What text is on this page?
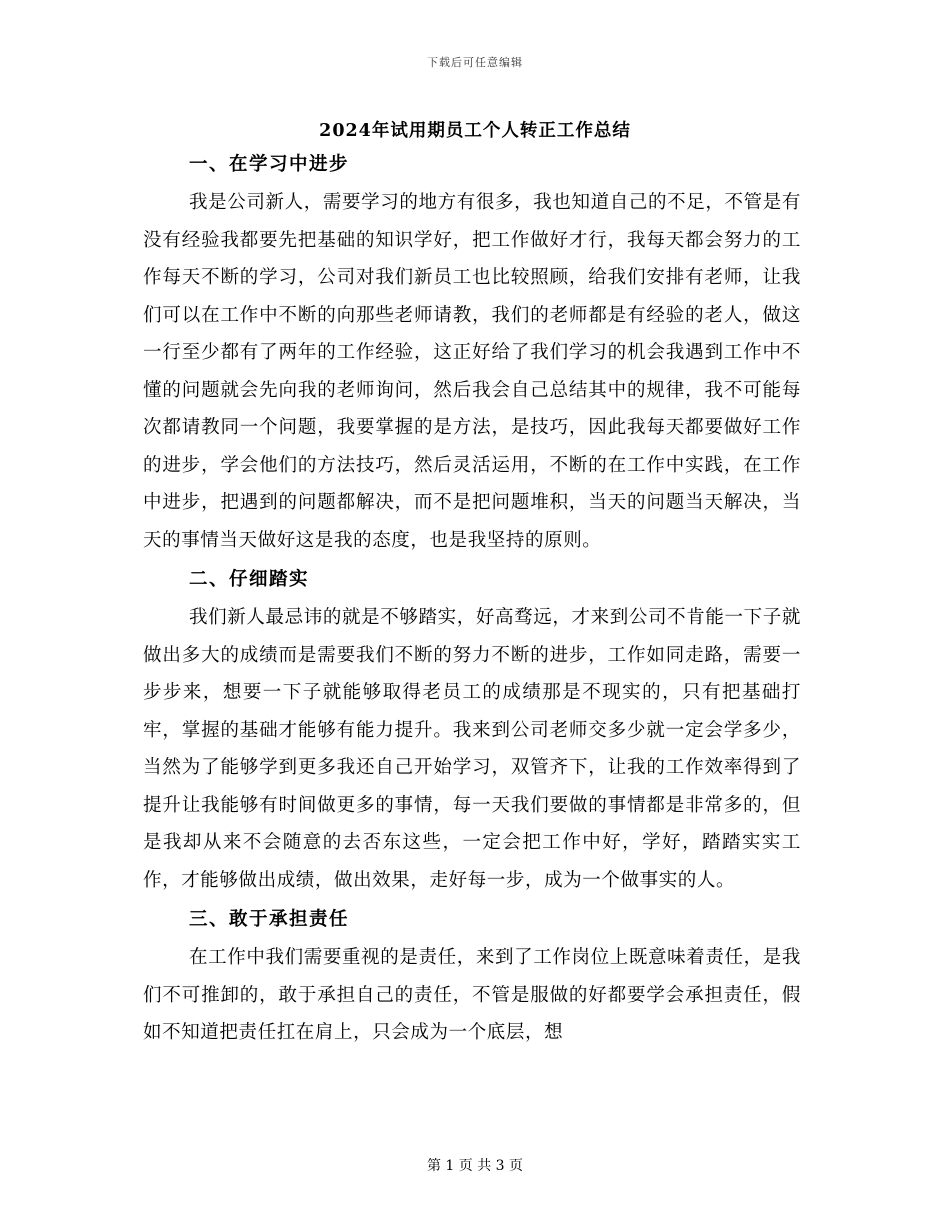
下载后可任意编辑
2024年试用期员工个人转正工作总结

一、在学习中进步

我是公司新人，需要学习的地方有很多，我也知道自己的不足，不管是有没有经验我都要先把基础的知识学好，把工作做好才行，我每天都会努力的工作每天不断的学习，公司对我们新员工也比较照顾，给我们安排有老师，让我们可以在工作中不断的向那些老师请教，我们的老师都是有经验的老人，做这一行至少都有了两年的工作经验，这正好给了我们学习的机会我遇到工作中不懂的问题就会先向我的老师询问，然后我会自己总结其中的规律，我不可能每次都请教同一个问题，我要掌握的是方法，是技巧，因此我每天都要做好工作的进步，学会他们的方法技巧，然后灵活运用，不断的在工作中实践，在工作中进步，把遇到的问题都解决，而不是把问题堆积，当天的问题当天解决，当天的事情当天做好这是我的态度，也是我坚持的原则。

二、仔细踏实

我们新人最忌讳的就是不够踏实，好高骛远，才来到公司不肯能一下子就做出多大的成绩而是需要我们不断的努力不断的进步，工作如同走路，需要一步步来，想要一下子就能够取得老员工的成绩那是不现实的，只有把基础打牢，掌握的基础才能够有能力提升。我来到公司老师交多少就一定会学多少，当然为了能够学到更多我还自己开始学习，双管齐下，让我的工作效率得到了提升让我能够有时间做更多的事情，每一天我们要做的事情都是非常多的，但是我却从来不会随意的去否东这些，一定会把工作中好，学好，踏踏实实工作，才能够做出成绩，做出效果，走好每一步，成为一个做事实的人。

三、敢于承担责任

在工作中我们需要重视的是责任，来到了工作岗位上既意味着责任，是我们不可推卸的，敢于承担自己的责任，不管是服做的好都要学会承担责任，假如不知道把责任扛在肩上，只会成为一个底层，想

第 1 页 共 3 页
